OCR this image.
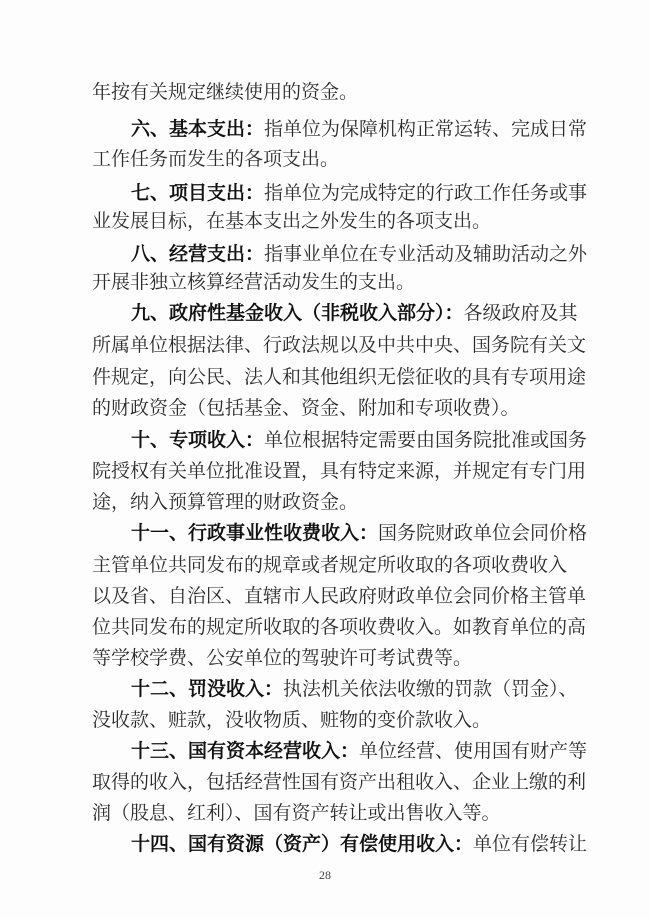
年按有关规定继续使用的资金。
六、基本支出：指单位为保障机构正常运转、完成日常
工作任务而发生的各项支出。
七、项目支出：指单位为完成特定的行政工作任务或事
业发展目标，在基本支出之外发生的各项支出。
八、经营支出：指事业单位在专业活动及辅助活动之外
开展非独立核算经营活动发生的支出。
九、政府性基金收入（非税收入部分）：各级政府及其
所属单位根据法律、行政法规以及中共中央、国务院有关文
件规定，向公民、法人和其他组织无偿征收的具有专项用途
的财政资金（包括基金、资金、附加和专项收费）。
十、专项收入：单位根据特定需要由国务院批准或国务
院授权有关单位批准设置，具有特定来源，并规定有专门用
途，纳入预算管理的财政资金。
十一、行政事业性收费收入：国务院财政单位会同价格
主管单位共同发布的规章或者规定所收取的各项收费收入
以及省、自治区、直辖市人民政府财政单位会同价格主管单
位共同发布的规定所收取的各项收费收入。如教育单位的高
等学校学费、公安单位的驾驶许可考试费等。
十二、罚没收入：执法机关依法收缴的罚款（罚金）、
没收款、赃款，没收物质、赃物的变价款收入。
十三、国有资本经营收入：单位经营、使用国有财产等
取得的收入，包括经营性国有资产出租收入、企业上缴的利
润（股息、红利）、国有资产转让或出售收入等。
十四、国有资源（资产）有偿使用收入：单位有偿转让
28
